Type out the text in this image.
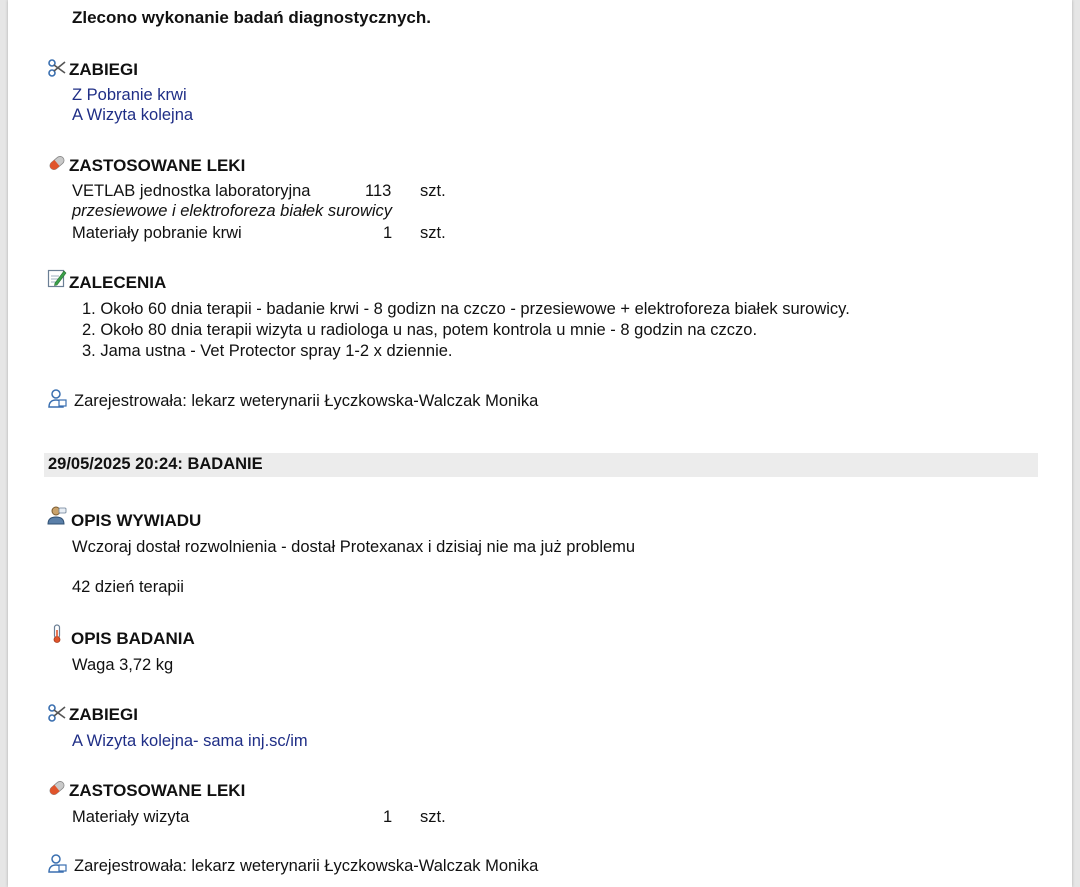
Zlecono wykonanie badań diagnostycznych.
ZABIEGI
Z Pobranie krwi
A Wizyta kolejna
ZASTOSOWANE LEKI
VETLAB jednostka laboratoryjna	113 szt.
przesiewowe i elektroforeza białek surowicy
Materiały pobranie krwi	1 szt.
ZALECENIA
1. Około 60 dnia terapii - badanie krwi - 8 godizn na czczo - przesiewowe + elektroforeza białek surowicy.
2. Około 80 dnia terapii wizyta u radiologa u nas, potem kontrola u mnie - 8 godzin na czczo.
3. Jama ustna - Vet Protector spray 1-2 x dziennie.
Zarejestrowała: lekarz weterynarii Łyczkowska-Walczak Monika
29/05/2025 20:24: BADANIE
OPIS WYWIADU
Wczoraj dostał rozwolnienia - dostał Protexanax i dzisiaj nie ma już problemu
42 dzień terapii
OPIS BADANIA
Waga 3,72 kg
ZABIEGI
A Wizyta kolejna- sama inj.sc/im
ZASTOSOWANE LEKI
Materiały wizyta	1 szt.
Zarejestrowała: lekarz weterynarii Łyczkowska-Walczak Monika
